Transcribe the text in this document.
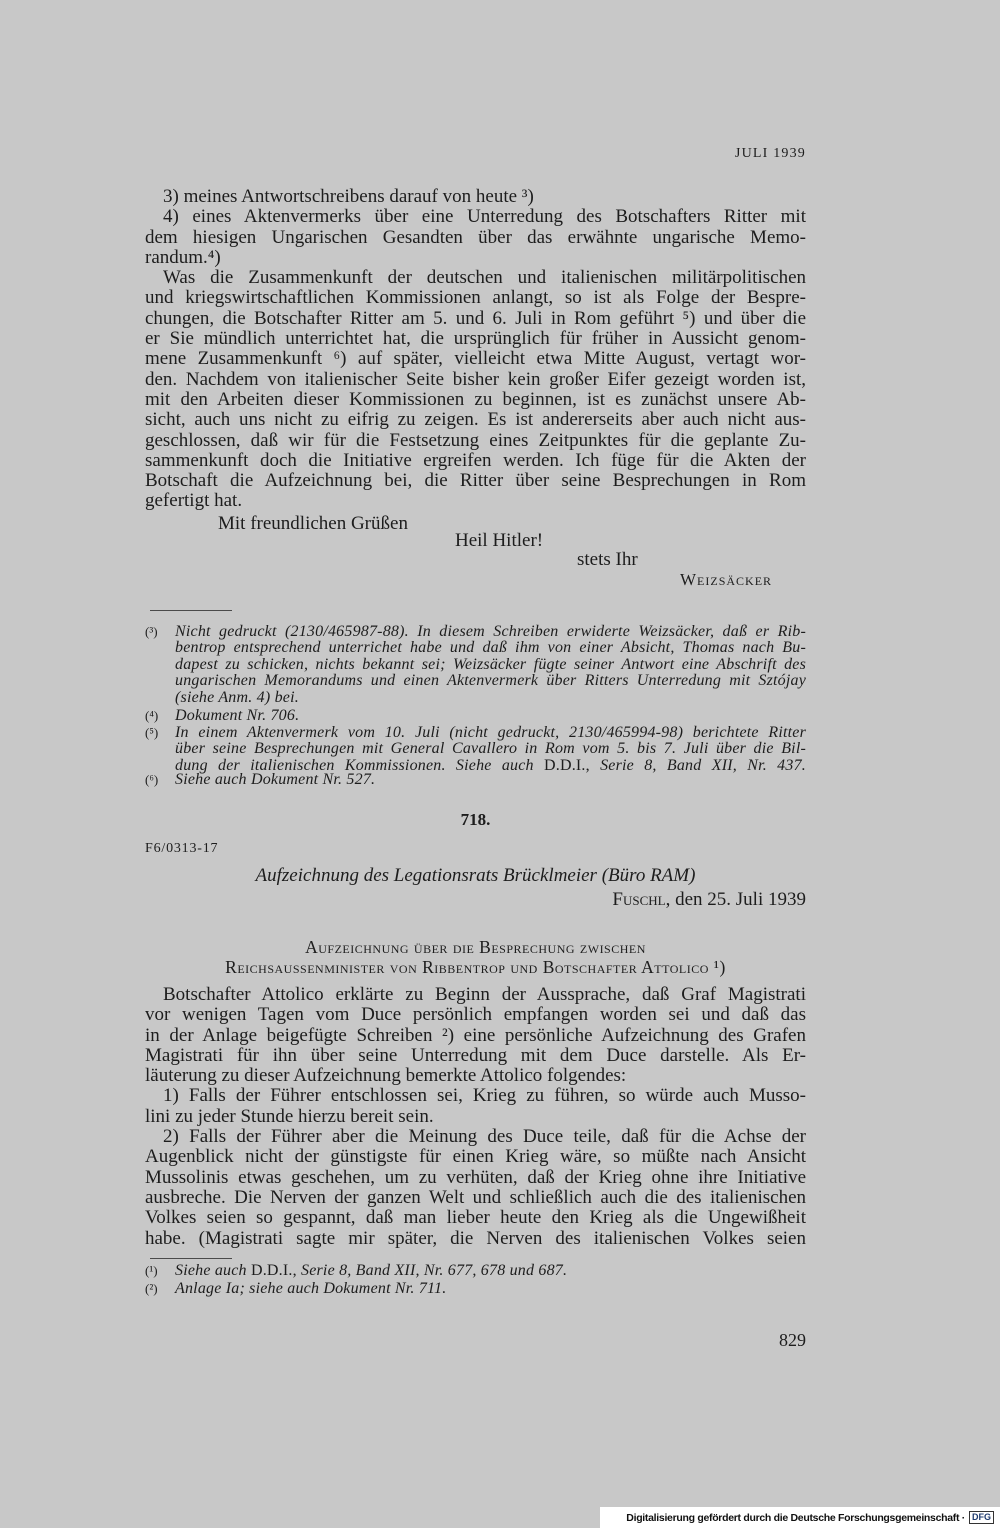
JULI 1939
3) meines Antwortschreibens darauf von heute ³)
4) eines Aktenvermerks über eine Unterredung des Botschafters Ritter mit
dem hiesigen Ungarischen Gesandten über das erwähnte ungarische Memo-
randum.⁴)
Was die Zusammenkunft der deutschen und italienischen militärpolitischen
und kriegswirtschaftlichen Kommissionen anlangt, so ist als Folge der Bespre-
chungen, die Botschafter Ritter am 5. und 6. Juli in Rom geführt ⁵) und über die
er Sie mündlich unterrichtet hat, die ursprünglich für früher in Aussicht genom-
mene Zusammenkunft ⁶) auf später, vielleicht etwa Mitte August, vertagt wor-
den. Nachdem von italienischer Seite bisher kein großer Eifer gezeigt worden ist,
mit den Arbeiten dieser Kommissionen zu beginnen, ist es zunächst unsere Ab-
sicht, auch uns nicht zu eifrig zu zeigen. Es ist andererseits aber auch nicht aus-
geschlossen, daß wir für die Festsetzung eines Zeitpunktes für die geplante Zu-
sammenkunft doch die Initiative ergreifen werden. Ich füge für die Akten der
Botschaft die Aufzeichnung bei, die Ritter über seine Besprechungen in Rom
gefertigt hat.
Mit freundlichen Grüßen
Heil Hitler!
stets Ihr
Weizsäcker
(³) Nicht gedruckt (2130/465987-88). In diesem Schreiben erwiderte Weizsäcker, daß er Rib-
bentrop entsprechend unterrichet habe und daß ihm von einer Absicht, Thomas nach Bu-
dapest zu schicken, nichts bekannt sei; Weizsäcker fügte seiner Antwort eine Abschrift des
ungarischen Memorandums und einen Aktenvermerk über Ritters Unterredung mit Sztójay
(siehe Anm. 4) bei.
(⁴) Dokument Nr. 706.
(⁵) In einem Aktenvermerk vom 10. Juli (nicht gedruckt, 2130/465994-98) berichtete Ritter
über seine Besprechungen mit General Cavallero in Rom vom 5. bis 7. Juli über die Bil-
dung der italienischen Kommissionen. Siehe auch D.D.I., Serie 8, Band XII, Nr. 437.
(⁶) Siehe auch Dokument Nr. 527.
718.
F6/0313-17
Aufzeichnung des Legationsrats Brücklmeier (Büro RAM)
Fuschl, den 25. Juli 1939
Aufzeichnung über die Besprechung zwischen
Reichsaussenminister von Ribbentrop und Botschafter Attolico ¹)
Botschafter Attolico erklärte zu Beginn der Aussprache, daß Graf Magistrati
vor wenigen Tagen vom Duce persönlich empfangen worden sei und daß das
in der Anlage beigefügte Schreiben ²) eine persönliche Aufzeichnung des Grafen
Magistrati für ihn über seine Unterredung mit dem Duce darstelle. Als Er-
läuterung zu dieser Aufzeichnung bemerkte Attolico folgendes:
1) Falls der Führer entschlossen sei, Krieg zu führen, so würde auch Musso-
lini zu jeder Stunde hierzu bereit sein.
2) Falls der Führer aber die Meinung des Duce teile, daß für die Achse der
Augenblick nicht der günstigste für einen Krieg wäre, so müßte nach Ansicht
Mussolinis etwas geschehen, um zu verhüten, daß der Krieg ohne ihre Initiative
ausbreche. Die Nerven der ganzen Welt und schließlich auch die des italienischen
Volkes seien so gespannt, daß man lieber heute den Krieg als die Ungewißheit
habe. (Magistrati sagte mir später, die Nerven des italienischen Volkes seien
(¹) Siehe auch D.D.I., Serie 8, Band XII, Nr. 677, 678 und 687.
(²) Anlage Ia; siehe auch Dokument Nr. 711.
829
Digitalisierung gefördert durch die Deutsche Forschungsgemeinschaft · DFG
